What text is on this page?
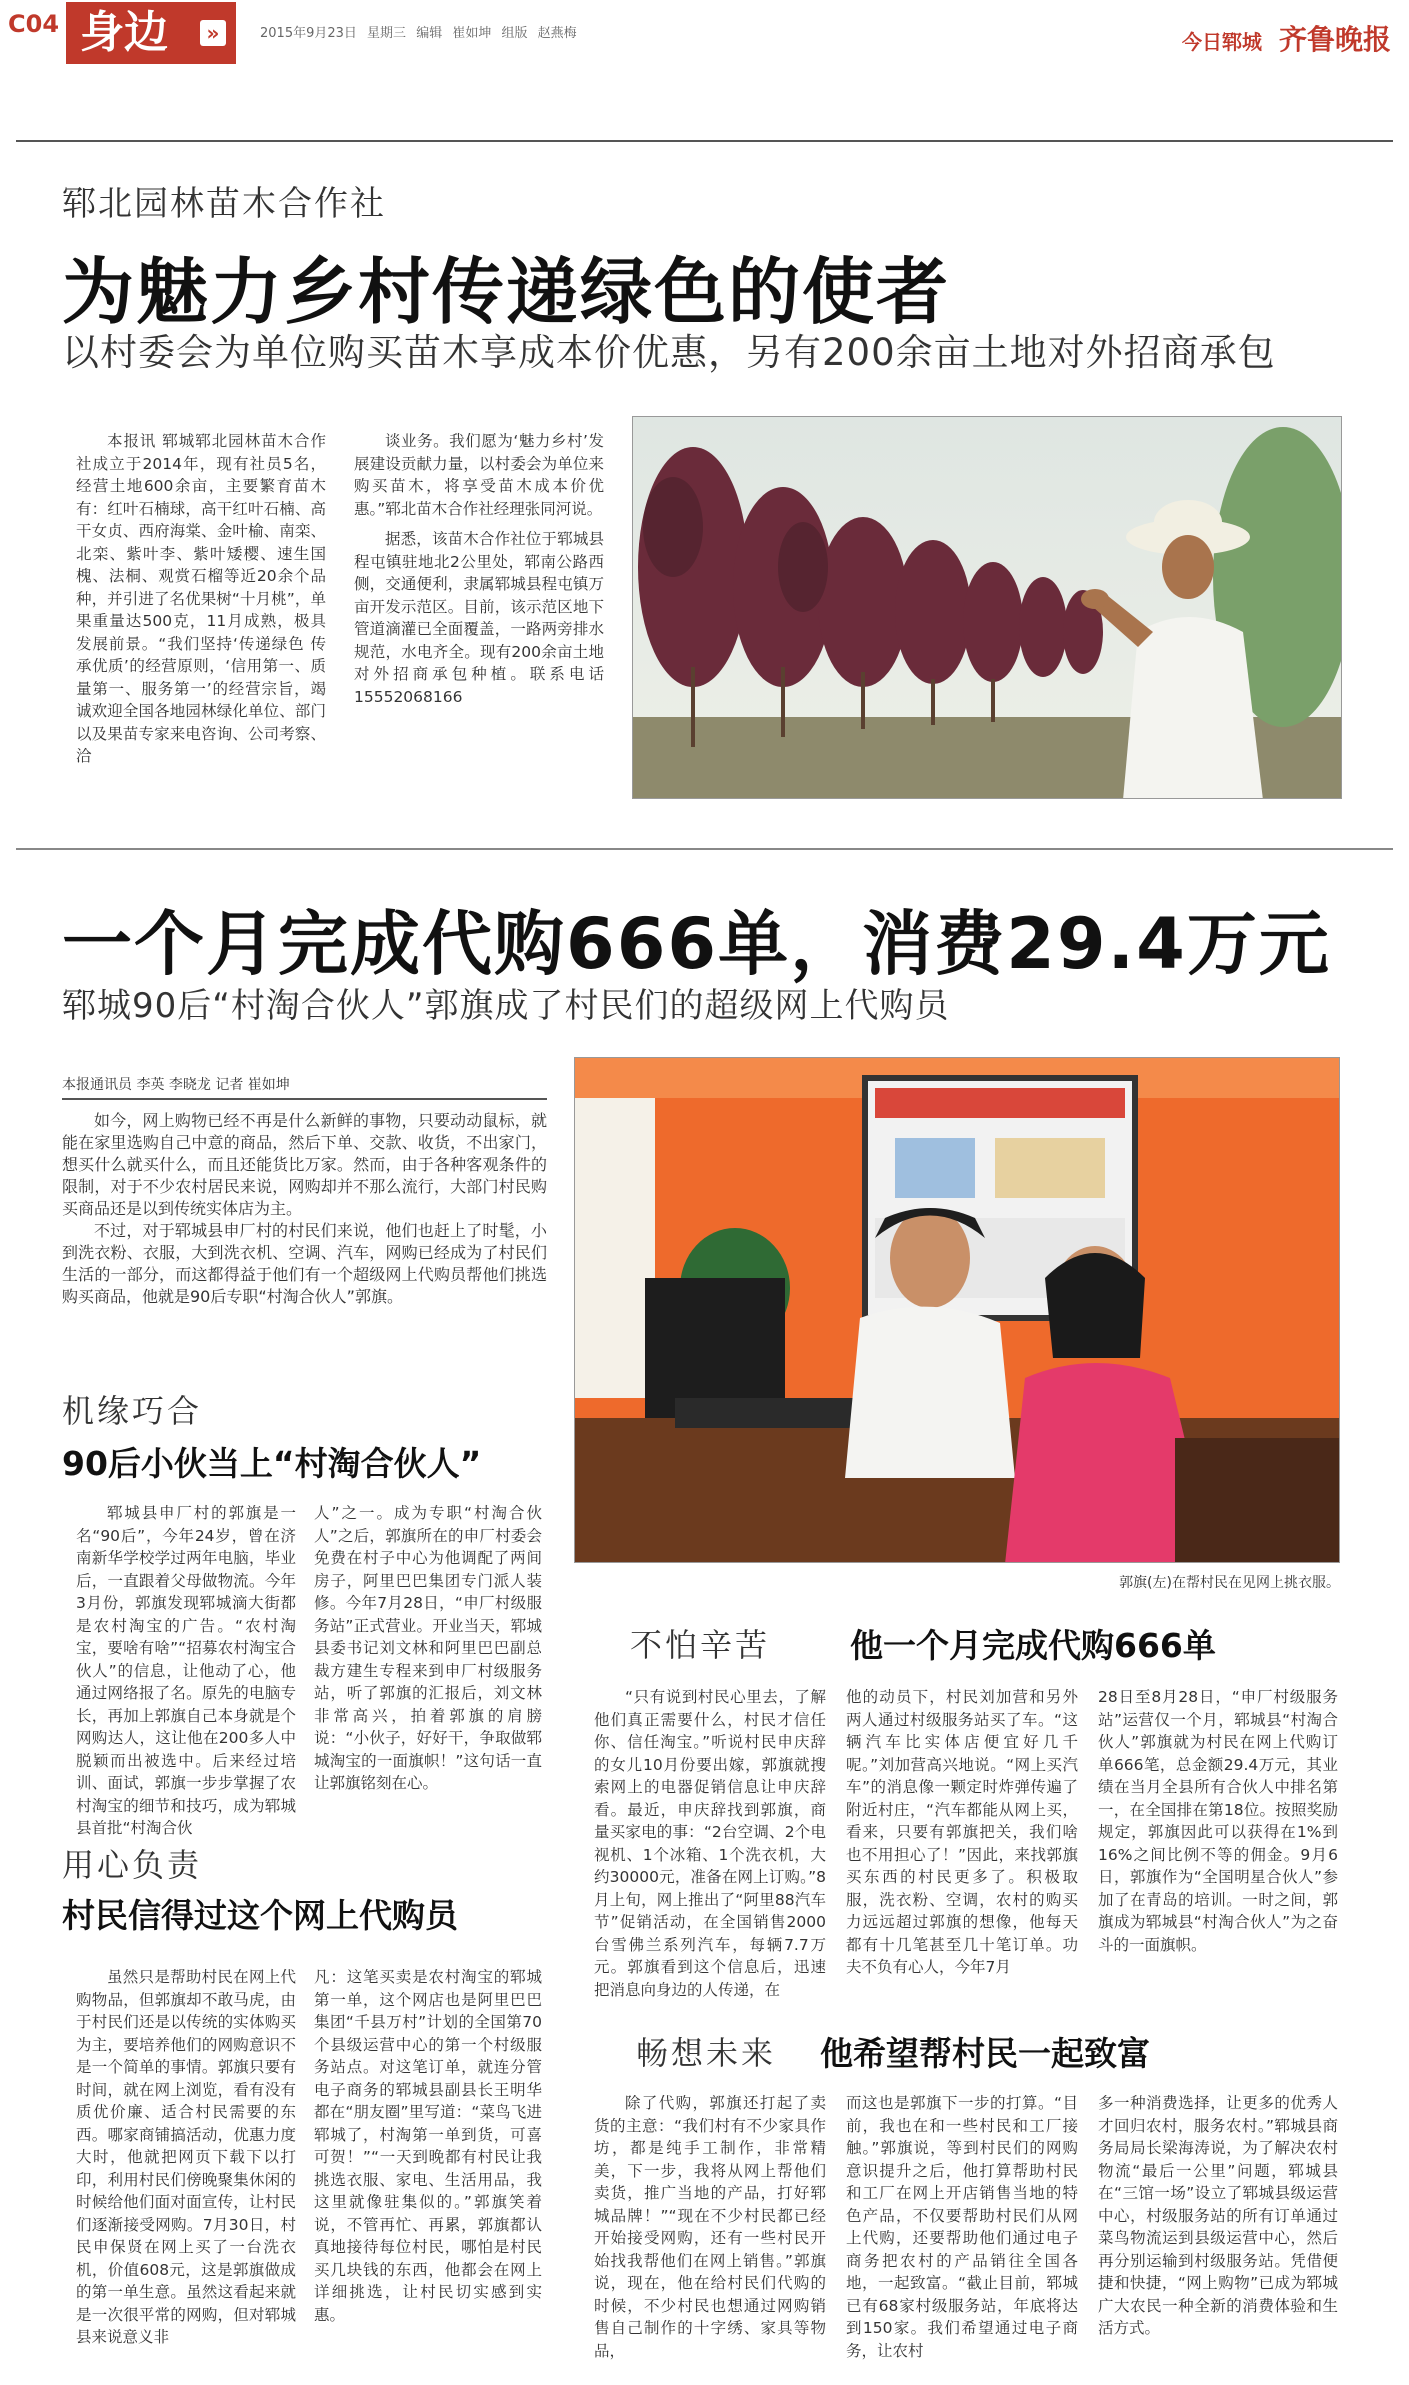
C04 身边	»	2015年9月23日 星期三 编辑 崔如坤 组版 赵燕梅	今日郓城 齐鲁晚报
郓北园林苗木合作社
为魅力乡村传递绿色的使者
以村委会为单位购买苗木享成本价优惠，另有200余亩土地对外招商承包

本报讯 郓城郓北园林苗木合作社成立于2014年，现有社员5名，经营土地600余亩，主要繁育苗木有：红叶石楠球，高干红叶石楠、高干女贞、西府海棠、金叶榆、南栾、北栾、紫叶李、紫叶矮樱、速生国槐、法桐、观赏石榴等近20余个品种，并引进了名优果树“十月桃”，单果重量达500克，11月成熟，极具发展前景。“我们坚持‘传递绿色 传承优质’的经营原则，‘信用第一、质量第一、服务第一’的经营宗旨，竭诚欢迎全国各地园林绿化单位、部门以及果苗专家来电咨询、公司考察、洽

谈业务。我们愿为‘魅力乡村’发展建设贡献力量，以村委会为单位来购买苗木，将享受苗木成本价优惠。”郓北苗木合作社经理张同河说。

据悉，该苗木合作社位于郓城县程屯镇驻地北2公里处，郓南公路西侧，交通便利，隶属郓城县程屯镇万亩开发示范区。目前，该示范区地下管道滴灌已全面覆盖，一路两旁排水规范，水电齐全。现有200余亩土地对外招商承包种植。联系电话15552068166

一个月完成代购666单，消费29.4万元
郓城90后“村淘合伙人”郭旗成了村民们的超级网上代购员
本报通讯员 李英 李晓龙 记者 崔如坤

如今，网上购物已经不再是什么新鲜的事物，只要动动鼠标，就能在家里选购自己中意的商品，然后下单、交款、收货，不出家门，想买什么就买什么，而且还能货比万家。然而，由于各种客观条件的限制，对于不少农村居民来说，网购却并不那么流行，大部门村民购买商品还是以到传统实体店为主。

不过，对于郓城县申厂村的村民们来说，他们也赶上了时髦，小到洗衣粉、衣服，大到洗衣机、空调、汽车，网购已经成为了村民们生活的一部分，而这都得益于他们有一个超级网上代购员帮他们挑选购买商品，他就是90后专职“村淘合伙人”郭旗。

郭旗(左)在帮村民在见网上挑衣服。
机缘巧合
90后小伙当上“村淘合伙人”

郓城县申厂村的郭旗是一名“90后”，今年24岁，曾在济南新华学校学过两年电脑，毕业后，一直跟着父母做物流。今年3月份，郭旗发现郓城滴大街都是农村淘宝的广告。“农村淘宝，要啥有啥”“招募农村淘宝合伙人”的信息，让他动了心，他通过网络报了名。原先的电脑专长，再加上郭旗自己本身就是个网购达人，这让他在200多人中脱颖而出被选中。后来经过培训、面试，郭旗一步步掌握了农村淘宝的细节和技巧，成为郓城县首批“村淘合伙

人”之一。成为专职“村淘合伙人”之后，郭旗所在的申厂村委会免费在村子中心为他调配了两间房子，阿里巴巴集团专门派人装修。今年7月28日，“申厂村级服务站”正式营业。开业当天，郓城县委书记刘文林和阿里巴巴副总裁方建生专程来到申厂村级服务站，听了郭旗的汇报后，刘文林非常高兴，拍着郭旗的肩膀说：“小伙子，好好干，争取做郓城淘宝的一面旗帜！”这句话一直让郭旗铭刻在心。

不怕辛苦 他一个月完成代购666单

“只有说到村民心里去，了解他们真正需要什么，村民才信任你、信任淘宝。”听说村民申庆辞的女儿10月份要出嫁，郭旗就搜索网上的电器促销信息让申庆辞看。最近，申庆辞找到郭旗，商量买家电的事：“2台空调、2个电视机、1个冰箱、1个洗衣机，大约30000元，准备在网上订购。”8月上旬，网上推出了“阿里88汽车节”促销活动，在全国销售2000台雪佛兰系列汽车，每辆7.7万元。郭旗看到这个信息后，迅速把消息向身边的人传递，在

他的动员下，村民刘加营和另外两人通过村级服务站买了车。“这辆汽车比实体店便宜好几千呢。”刘加营高兴地说。“网上买汽车”的消息像一颗定时炸弹传遍了附近村庄，“汽车都能从网上买，看来，只要有郭旗把关，我们啥也不用担心了！”因此，来找郭旗买东西的村民更多了。积极取服，洗衣粉、空调，农村的购买力远远超过郭旗的想像，他每天都有十几笔甚至几十笔订单。功夫不负有心人，今年7月

28日至8月28日，“申厂村级服务站”运营仅一个月，郓城县“村淘合伙人”郭旗就为村民在网上代购订单666笔，总金额29.4万元，其业绩在当月全县所有合伙人中排名第一，在全国排在第18位。按照奖励规定，郭旗因此可以获得在1%到16%之间比例不等的佣金。9月6日，郭旗作为“全国明星合伙人”参加了在青岛的培训。一时之间，郭旗成为郓城县“村淘合伙人”为之奋斗的一面旗帜。

用心负责
村民信得过这个网上代购员

虽然只是帮助村民在网上代购物品，但郭旗却不敢马虎，由于村民们还是以传统的实体购买为主，要培养他们的网购意识不是一个简单的事情。郭旗只要有时间，就在网上浏览，看有没有质优价廉、适合村民需要的东西。哪家商铺搞活动，优惠力度大时，他就把网页下载下以打印，利用村民们傍晚聚集休闲的时候给他们面对面宣传，让村民们逐渐接受网购。7月30日，村民申保贤在网上买了一台洗衣机，价值608元，这是郭旗做成的第一单生意。虽然这看起来就是一次很平常的网购，但对郓城县来说意义非

凡：这笔买卖是农村淘宝的郓城第一单，这个网店也是阿里巴巴集团“千县万村”计划的全国第70个县级运营中心的第一个村级服务站点。对这笔订单，就连分管电子商务的郓城县副县长王明华都在“朋友圈”里写道：“菜鸟飞进郓城了，村淘第一单到货，可喜可贺！”“一天到晚都有村民让我挑选衣服、家电、生活用品，我这里就像驻集似的。”郭旗笑着说，不管再忙、再累，郭旗都认真地接待每位村民，哪怕是村民买几块钱的东西，他都会在网上详细挑选，让村民切实感到实惠。

畅想未来 他希望帮村民一起致富

除了代购，郭旗还打起了卖货的主意：“我们村有不少家具作坊，都是纯手工制作，非常精美，下一步，我将从网上帮他们卖货，推广当地的产品，打好郓城品牌！”“现在不少村民都已经开始接受网购，还有一些村民开始找我帮他们在网上销售。”郭旗说，现在，他在给村民们代购的时候，不少村民也想通过网购销售自己制作的十字绣、家具等物品，

而这也是郭旗下一步的打算。“目前，我也在和一些村民和工厂接触。”郭旗说，等到村民们的网购意识提升之后，他打算帮助村民和工厂在网上开店销售当地的特色产品，不仅要帮助村民们从网上代购，还要帮助他们通过电子商务把农村的产品销往全国各地，一起致富。“截止目前，郓城已有68家村级服务站，年底将达到150家。我们希望通过电子商务，让农村

多一种消费选择，让更多的优秀人才回归农村，服务农村。”郓城县商务局局长梁海涛说，为了解决农村物流“最后一公里”问题，郓城县在“三馆一场”设立了郓城县级运营中心，村级服务站的所有订单通过菜鸟物流运到县级运营中心，然后再分别运输到村级服务站。凭借便捷和快捷，“网上购物”已成为郓城广大农民一种全新的消费体验和生活方式。
